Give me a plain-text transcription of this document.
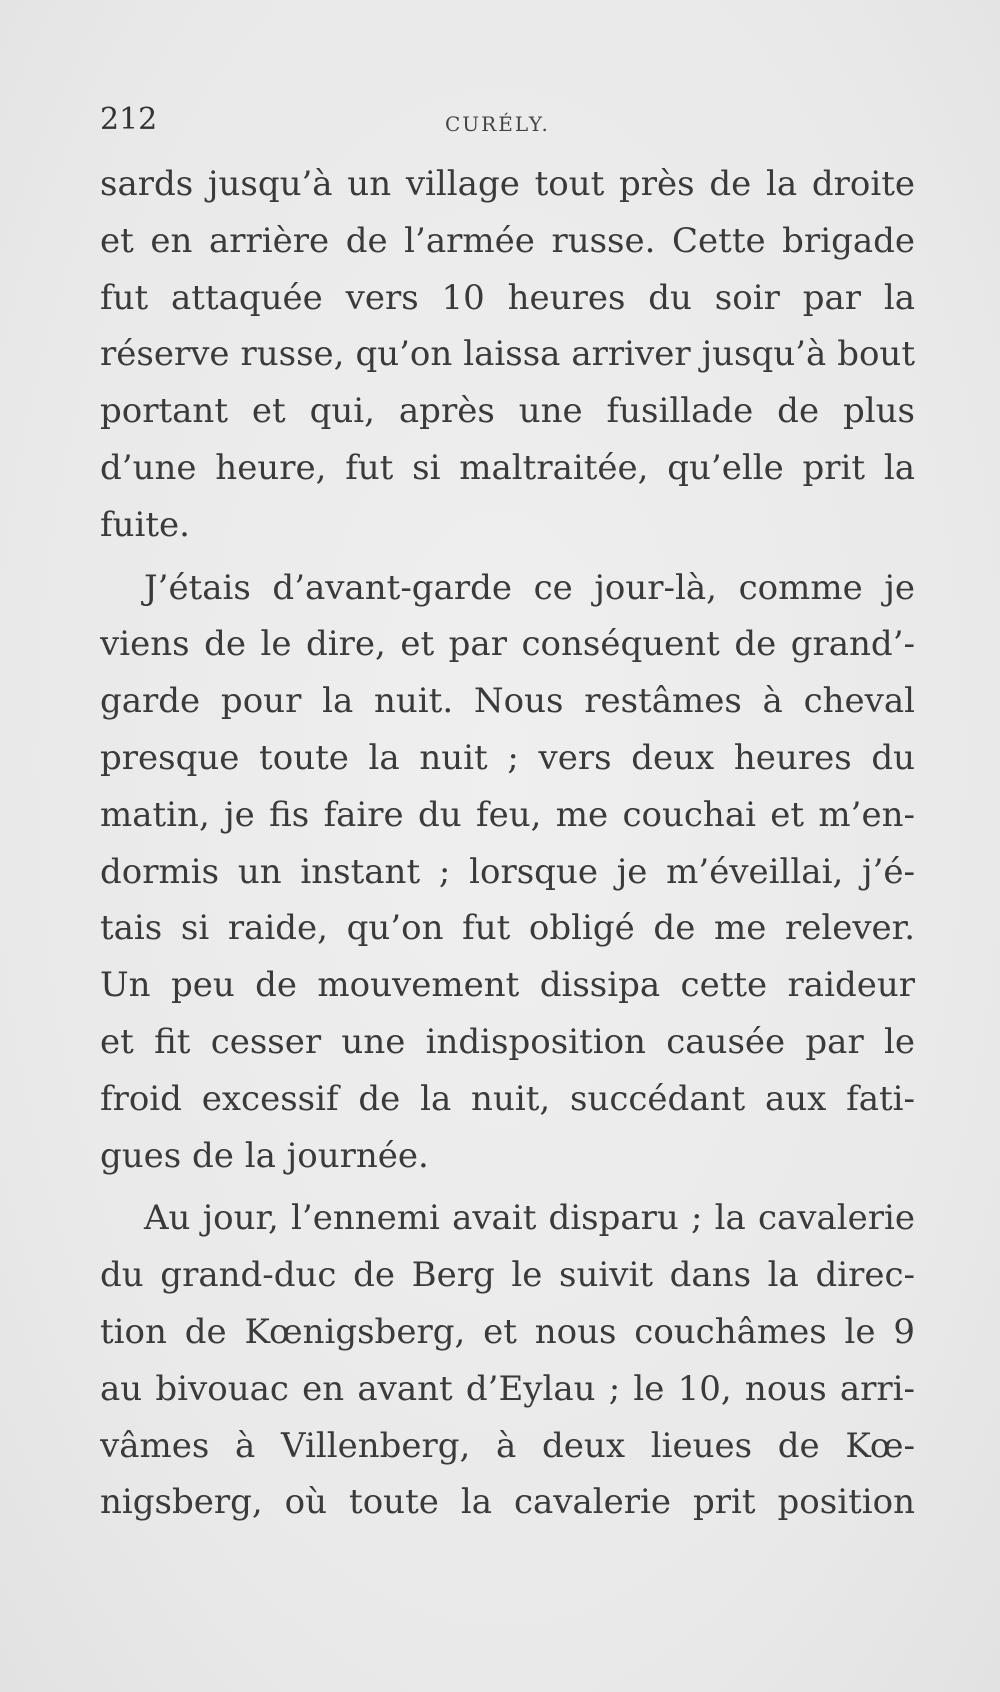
212	CURÉLY.
sards jusqu’à un village tout près de la droite
et en arrière de l’armée russe. Cette brigade
fut attaquée vers 10 heures du soir par la
réserve russe, qu’on laissa arriver jusqu’à bout
portant et qui, après une fusillade de plus
d’une heure, fut si maltraitée, qu’elle prit la
fuite.
J’étais d’avant-garde ce jour-là, comme je
viens de le dire, et par conséquent de grand’-
garde pour la nuit. Nous restâmes à cheval
presque toute la nuit ; vers deux heures du
matin, je fis faire du feu, me couchai et m’en-
dormis un instant ; lorsque je m’éveillai, j’é-
tais si raide, qu’on fut obligé de me relever.
Un peu de mouvement dissipa cette raideur
et fit cesser une indisposition causée par le
froid excessif de la nuit, succédant aux fati-
gues de la journée.
Au jour, l’ennemi avait disparu ; la cavalerie
du grand-duc de Berg le suivit dans la direc-
tion de Kœnigsberg, et nous couchâmes le 9
au bivouac en avant d’Eylau ; le 10, nous arri-
vâmes à Villenberg, à deux lieues de Kœ-
nigsberg, où toute la cavalerie prit position
